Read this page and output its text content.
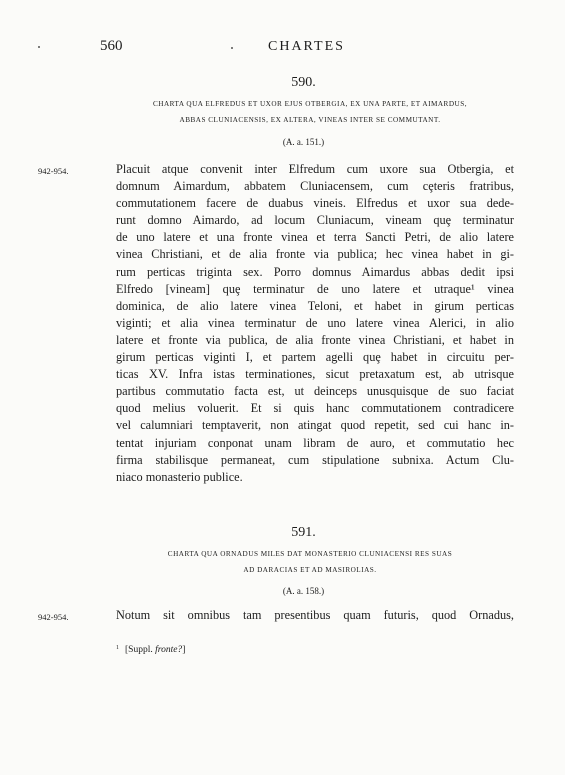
560	CHARTES
590.
CHARTA QUA ELFREDUS ET UXOR EJUS OTBERGIA, EX UNA PARTE, ET AIMARDUS,
ABBAS CLUNIACENSIS, EX ALTERA, VINEAS INTER SE COMMUTANT.
(A. a. 151.)
942-954.	Placuit atque convenit inter Elfredum cum uxore sua Otbergia, et
domnum Aimardum, abbatem Cluniacensem, cum cȩteris fratribus,
commutationem facere de duabus vineis. Elfredus et uxor sua dede-
runt domno Aimardo, ad locum Cluniacum, vineam quȩ terminatur
de uno latere et una fronte vinea et terra Sancti Petri, de alio latere
vinea Christiani, et de alia fronte via publica; hec vinea habet in gi-
rum perticas triginta sex. Porro domnus Aimardus abbas dedit ipsi
Elfredo [vineam] quȩ terminatur de uno latere et utraque¹ vinea
dominica, de alio latere vinea Teloni, et habet in girum perticas
viginti; et alia vinea terminatur de uno latere vinea Alerici, in alio
latere et fronte via publica, de alia fronte vinea Christiani, et habet in
girum perticas viginti I, et partem agelli quȩ habet in circuitu per-
ticas XV. Infra istas terminationes, sicut pretaxatum est, ab utrisque
partibus commutatio facta est, ut deinceps unusquisque de suo faciat
quod melius voluerit. Et si quis hanc commutationem contradicere
vel calumniari temptaverit, non atingat quod repetit, sed cui hanc in-
tentat injuriam conponat unam libram de auro, et commutatio hec
firma stabilisque permaneat, cum stipulatione subnixa. Actum Clu-
niaco monasterio publice.
591.
CHARTA QUA ORNADUS MILES DAT MONASTERIO CLUNIACENSI RES SUAS
AD DARACIAS ET AD MASIROLIAS.
(A. a. 158.)
942-954.	Notum sit omnibus tam presentibus quam futuris, quod Ornadus,
$^1$ [Suppl. fronte?]
